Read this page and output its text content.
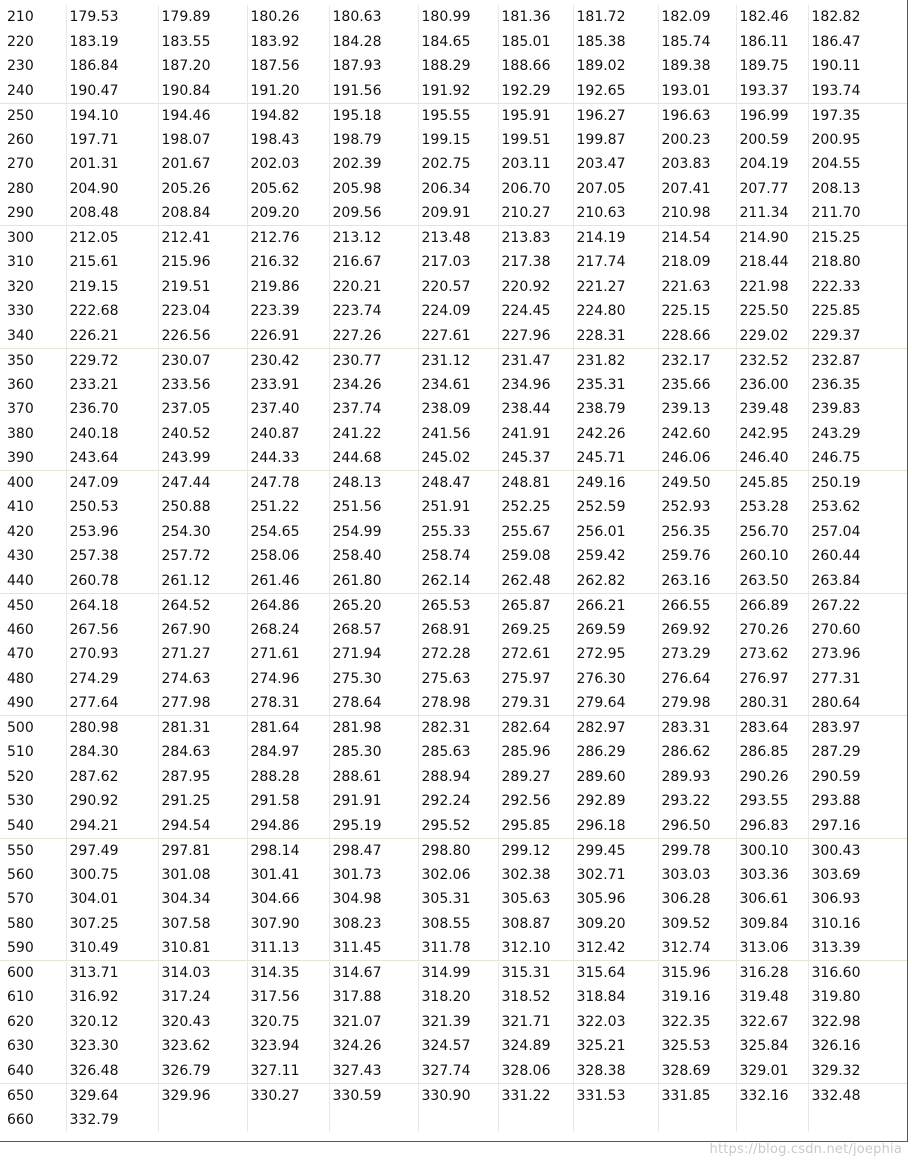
210	179.53	179.89	180.26	180.63	180.99	181.36	181.72	182.09	182.46	182.82
220	183.19	183.55	183.92	184.28	184.65	185.01	185.38	185.74	186.11	186.47
230	186.84	187.20	187.56	187.93	188.29	188.66	189.02	189.38	189.75	190.11
240	190.47	190.84	191.20	191.56	191.92	192.29	192.65	193.01	193.37	193.74
250	194.10	194.46	194.82	195.18	195.55	195.91	196.27	196.63	196.99	197.35
260	197.71	198.07	198.43	198.79	199.15	199.51	199.87	200.23	200.59	200.95
270	201.31	201.67	202.03	202.39	202.75	203.11	203.47	203.83	204.19	204.55
280	204.90	205.26	205.62	205.98	206.34	206.70	207.05	207.41	207.77	208.13
290	208.48	208.84	209.20	209.56	209.91	210.27	210.63	210.98	211.34	211.70
300	212.05	212.41	212.76	213.12	213.48	213.83	214.19	214.54	214.90	215.25
310	215.61	215.96	216.32	216.67	217.03	217.38	217.74	218.09	218.44	218.80
320	219.15	219.51	219.86	220.21	220.57	220.92	221.27	221.63	221.98	222.33
330	222.68	223.04	223.39	223.74	224.09	224.45	224.80	225.15	225.50	225.85
340	226.21	226.56	226.91	227.26	227.61	227.96	228.31	228.66	229.02	229.37
350	229.72	230.07	230.42	230.77	231.12	231.47	231.82	232.17	232.52	232.87
360	233.21	233.56	233.91	234.26	234.61	234.96	235.31	235.66	236.00	236.35
370	236.70	237.05	237.40	237.74	238.09	238.44	238.79	239.13	239.48	239.83
380	240.18	240.52	240.87	241.22	241.56	241.91	242.26	242.60	242.95	243.29
390	243.64	243.99	244.33	244.68	245.02	245.37	245.71	246.06	246.40	246.75
400	247.09	247.44	247.78	248.13	248.47	248.81	249.16	249.50	245.85	250.19
410	250.53	250.88	251.22	251.56	251.91	252.25	252.59	252.93	253.28	253.62
420	253.96	254.30	254.65	254.99	255.33	255.67	256.01	256.35	256.70	257.04
430	257.38	257.72	258.06	258.40	258.74	259.08	259.42	259.76	260.10	260.44
440	260.78	261.12	261.46	261.80	262.14	262.48	262.82	263.16	263.50	263.84
450	264.18	264.52	264.86	265.20	265.53	265.87	266.21	266.55	266.89	267.22
460	267.56	267.90	268.24	268.57	268.91	269.25	269.59	269.92	270.26	270.60
470	270.93	271.27	271.61	271.94	272.28	272.61	272.95	273.29	273.62	273.96
480	274.29	274.63	274.96	275.30	275.63	275.97	276.30	276.64	276.97	277.31
490	277.64	277.98	278.31	278.64	278.98	279.31	279.64	279.98	280.31	280.64
500	280.98	281.31	281.64	281.98	282.31	282.64	282.97	283.31	283.64	283.97
510	284.30	284.63	284.97	285.30	285.63	285.96	286.29	286.62	286.85	287.29
520	287.62	287.95	288.28	288.61	288.94	289.27	289.60	289.93	290.26	290.59
530	290.92	291.25	291.58	291.91	292.24	292.56	292.89	293.22	293.55	293.88
540	294.21	294.54	294.86	295.19	295.52	295.85	296.18	296.50	296.83	297.16
550	297.49	297.81	298.14	298.47	298.80	299.12	299.45	299.78	300.10	300.43
560	300.75	301.08	301.41	301.73	302.06	302.38	302.71	303.03	303.36	303.69
570	304.01	304.34	304.66	304.98	305.31	305.63	305.96	306.28	306.61	306.93
580	307.25	307.58	307.90	308.23	308.55	308.87	309.20	309.52	309.84	310.16
590	310.49	310.81	311.13	311.45	311.78	312.10	312.42	312.74	313.06	313.39
600	313.71	314.03	314.35	314.67	314.99	315.31	315.64	315.96	316.28	316.60
610	316.92	317.24	317.56	317.88	318.20	318.52	318.84	319.16	319.48	319.80
620	320.12	320.43	320.75	321.07	321.39	321.71	322.03	322.35	322.67	322.98
630	323.30	323.62	323.94	324.26	324.57	324.89	325.21	325.53	325.84	326.16
640	326.48	326.79	327.11	327.43	327.74	328.06	328.38	328.69	329.01	329.32
650	329.64	329.96	330.27	330.59	330.90	331.22	331.53	331.85	332.16	332.48
660	332.79									
https://blog.csdn.net/joephia
